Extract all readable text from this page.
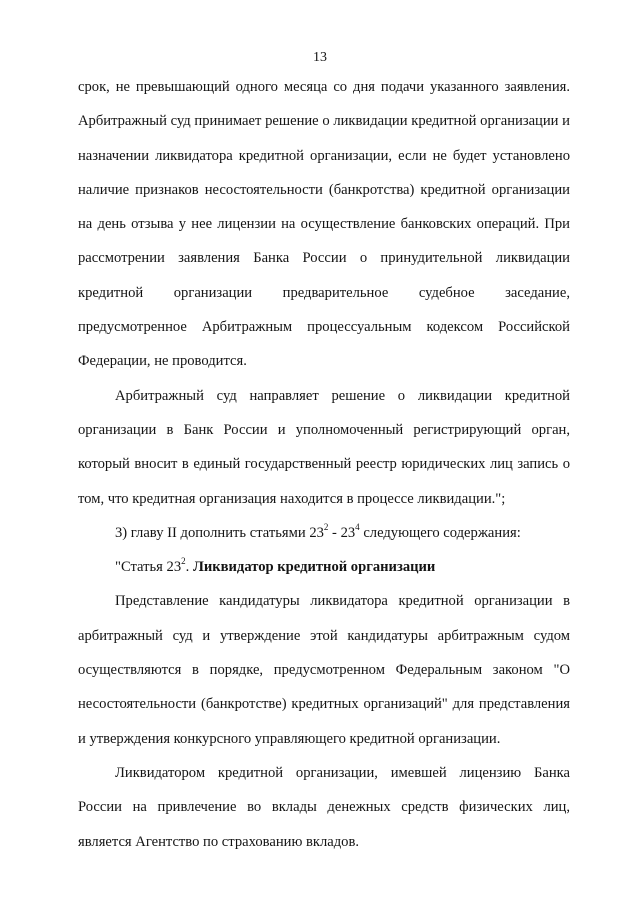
13

срок, не превышающий одного месяца со дня подачи указанного заявления. Арбитражный суд принимает решение о ликвидации кредитной организации и назначении ликвидатора кредитной организации, если не будет установлено наличие признаков несостоятельности (банкротства) кредитной организации на день отзыва у нее лицензии на осуществление банковских операций. При рассмотрении заявления Банка России о принудительной ликвидации кредитной организации предварительное судебное заседание, предусмотренное Арбитражным процессуальным кодексом Российской Федерации, не проводится.

Арбитражный суд направляет решение о ликвидации кредитной организации в Банк России и уполномоченный регистрирующий орган, который вносит в единый государственный реестр юридических лиц запись о том, что кредитная организация находится в процессе ликвидации.";

3) главу II дополнить статьями $23^2 - 23^4$ следующего содержания:

"Статья $23^2$. Ликвидатор кредитной организации

Представление кандидатуры ликвидатора кредитной организации в арбитражный суд и утверждение этой кандидатуры арбитражным судом осуществляются в порядке, предусмотренном Федеральным законом "О несостоятельности (банкротстве) кредитных организаций" для представления и утверждения конкурсного управляющего кредитной организации.

Ликвидатором кредитной организации, имевшей лицензию Банка России на привлечение во вклады денежных средств физических лиц, является Агентство по страхованию вкладов.
